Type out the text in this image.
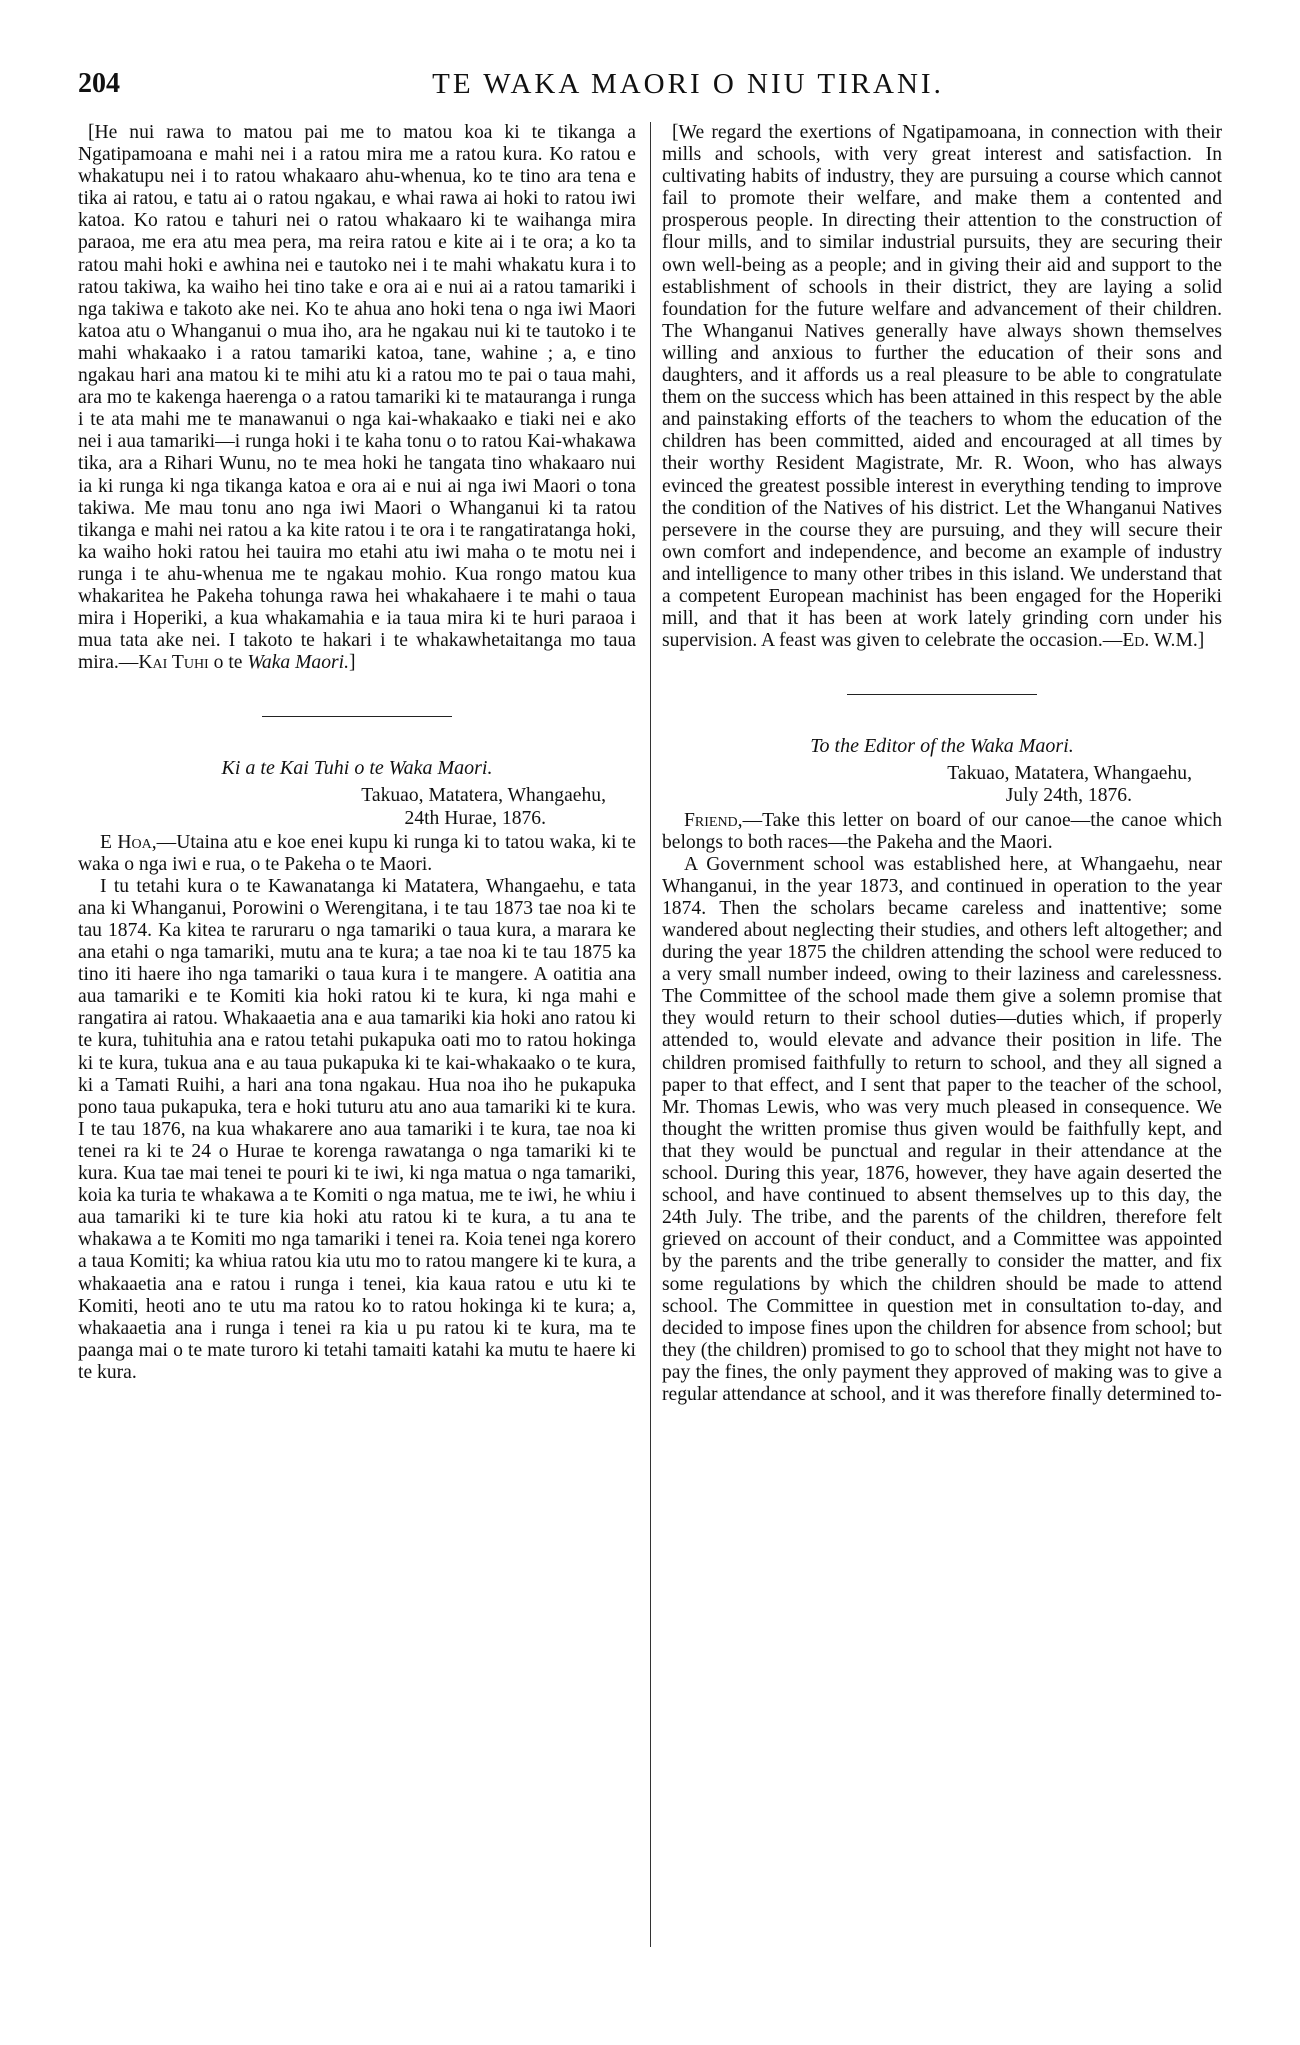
204	TE WAKA MAORI O NIU TIRANI.

[He nui rawa to matou pai me to matou koa ki te tikanga a Ngatipamoana e mahi nei i a ratou mira me a ratou kura. Ko ratou e whakatupu nei i to ratou whakaaro ahu-whenua, ko te tino ara tena e tika ai ratou, e tatu ai o ratou ngakau, e whai rawa ai hoki to ratou iwi katoa. Ko ratou e tahuri nei o ratou whakaaro ki te waihanga mira paraoa, me era atu mea pera, ma reira ratou e kite ai i te ora; a ko ta ratou mahi hoki e awhina nei e tautoko nei i te mahi whakatu kura i to ratou takiwa, ka waiho hei tino take e ora ai e nui ai a ratou tamariki i nga takiwa e takoto ake nei. Ko te ahua ano hoki tena o nga iwi Maori katoa atu o Whanganui o mua iho, ara he ngakau nui ki te tautoko i te mahi whakaako i a ratou tamariki katoa, tane, wahine ; a, e tino ngakau hari ana matou ki te mihi atu ki a ratou mo te pai o taua mahi, ara mo te kakenga haerenga o a ratou tamariki ki te matauranga i runga i te ata mahi me te manawanui o nga kai-whakaako e tiaki nei e ako nei i aua tamariki—i runga hoki i te kaha tonu o to ratou Kai-whakawa tika, ara a Rihari Wunu, no te mea hoki he tangata tino whakaaro nui ia ki runga ki nga tikanga katoa e ora ai e nui ai nga iwi Maori o tona takiwa. Me mau tonu ano nga iwi Maori o Whanganui ki ta ratou tikanga e mahi nei ratou a ka kite ratou i te ora i te rangatiratanga hoki, ka waiho hoki ratou hei tauira mo etahi atu iwi maha o te motu nei i runga i te ahu-whenua me te ngakau mohio. Kua rongo matou kua whakaritea he Pakeha tohunga rawa hei whakahaere i te mahi o taua mira i Hoperiki, a kua whakamahia e ia taua mira ki te huri paraoa i mua tata ake nei. I takoto te hakari i te whakawhetaitanga mo taua mira.—Kai Tuhi o te Waka Maori.]

Ki a te Kai Tuhi o te Waka Maori.

Takuao, Matatera, Whangaehu,

24th Hurae, 1876.

E Hoa,—Utaina atu e koe enei kupu ki runga ki to tatou waka, ki te waka o nga iwi e rua, o te Pakeha o te Maori.

I tu tetahi kura o te Kawanatanga ki Matatera, Whangaehu, e tata ana ki Whanganui, Porowini o Werengitana, i te tau 1873 tae noa ki te tau 1874. Ka kitea te raruraru o nga tamariki o taua kura, a marara ke ana etahi o nga tamariki, mutu ana te kura; a tae noa ki te tau 1875 ka tino iti haere iho nga tamariki o taua kura i te mangere. A oatitia ana aua tamariki e te Komiti kia hoki ratou ki te kura, ki nga mahi e rangatira ai ratou. Whakaaetia ana e aua tamariki kia hoki ano ratou ki te kura, tuhituhia ana e ratou tetahi pukapuka oati mo to ratou hokinga ki te kura, tukua ana e au taua pukapuka ki te kai-whakaako o te kura, ki a Tamati Ruihi, a hari ana tona ngakau. Hua noa iho he pukapuka pono taua pukapuka, tera e hoki tuturu atu ano aua tamariki ki te kura. I te tau 1876, na kua whakarere ano aua tamariki i te kura, tae noa ki tenei ra ki te 24 o Hurae te korenga rawatanga o nga tamariki ki te kura. Kua tae mai tenei te pouri ki te iwi, ki nga matua o nga tamariki, koia ka turia te whakawa a te Komiti o nga matua, me te iwi, he whiu i aua tamariki ki te ture kia hoki atu ratou ki te kura, a tu ana te whakawa a te Komiti mo nga tamariki i tenei ra. Koia tenei nga korero a taua Komiti; ka whiua ratou kia utu mo to ratou mangere ki te kura, a whakaaetia ana e ratou i runga i tenei, kia kaua ratou e utu ki te Komiti, heoti ano te utu ma ratou ko to ratou hokinga ki te kura; a, whakaaetia ana i runga i tenei ra kia u pu ratou ki te kura, ma te paanga mai o te mate turoro ki tetahi tamaiti katahi ka mutu te haere ki te kura.

[We regard the exertions of Ngatipamoana, in connection with their mills and schools, with very great interest and satisfaction. In cultivating habits of industry, they are pursuing a course which cannot fail to promote their welfare, and make them a contented and prosperous people. In directing their attention to the construction of flour mills, and to similar industrial pursuits, they are securing their own well-being as a people; and in giving their aid and support to the establishment of schools in their district, they are laying a solid foundation for the future welfare and advancement of their children. The Whanganui Natives generally have always shown themselves willing and anxious to further the education of their sons and daughters, and it affords us a real pleasure to be able to congratulate them on the success which has been attained in this respect by the able and painstaking efforts of the teachers to whom the education of the children has been committed, aided and encouraged at all times by their worthy Resident Magistrate, Mr. R. Woon, who has always evinced the greatest possible interest in everything tending to improve the condition of the Natives of his district. Let the Whanganui Natives persevere in the course they are pursuing, and they will secure their own comfort and independence, and become an example of industry and intelligence to many other tribes in this island. We understand that a competent European machinist has been engaged for the Hoperiki mill, and that it has been at work lately grinding corn under his supervision. A feast was given to celebrate the occasion.—Ed. W.M.]

To the Editor of the Waka Maori.

Takuao, Matatera, Whangaehu,

July 24th, 1876.

Friend,—Take this letter on board of our canoe—the canoe which belongs to both races—the Pakeha and the Maori.

A Government school was established here, at Whangaehu, near Whanganui, in the year 1873, and continued in operation to the year 1874. Then the scholars became careless and inattentive; some wandered about neglecting their studies, and others left altogether; and during the year 1875 the children attending the school were reduced to a very small number indeed, owing to their laziness and carelessness. The Committee of the school made them give a solemn promise that they would return to their school duties—duties which, if properly attended to, would elevate and advance their position in life. The children promised faithfully to return to school, and they all signed a paper to that effect, and I sent that paper to the teacher of the school, Mr. Thomas Lewis, who was very much pleased in consequence. We thought the written promise thus given would be faithfully kept, and that they would be punctual and regular in their attendance at the school. During this year, 1876, however, they have again deserted the school, and have continued to absent themselves up to this day, the 24th July. The tribe, and the parents of the children, therefore felt grieved on account of their conduct, and a Committee was appointed by the parents and the tribe generally to consider the matter, and fix some regulations by which the children should be made to attend school. The Committee in question met in consultation to-day, and decided to impose fines upon the children for absence from school; but they (the children) promised to go to school that they might not have to pay the fines, the only payment they approved of making was to give a regular attendance at school, and it was therefore finally determined to-
